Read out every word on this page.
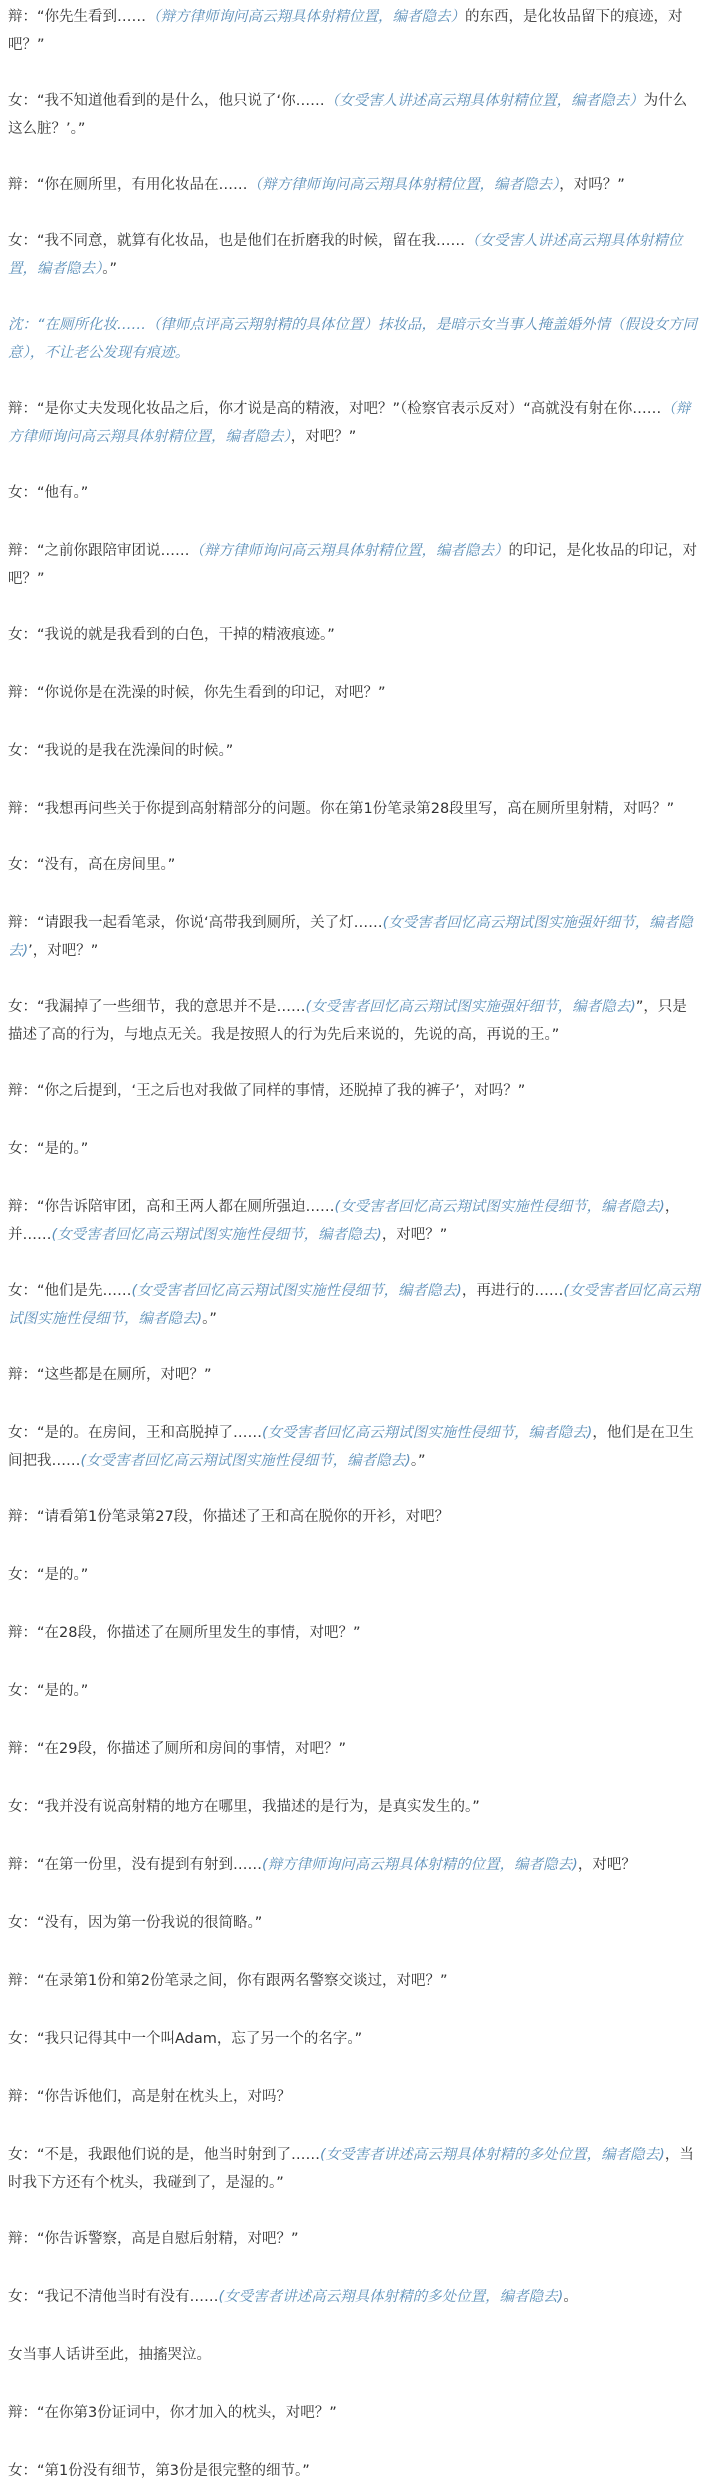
辩：“你先生看到……（辩方律师询问高云翔具体射精位置，编者隐去）的东西，是化妆品留下的痕迹，对吧？”

女：“我不知道他看到的是什么，他只说了‘你……（女受害人讲述高云翔具体射精位置，编者隐去）为什么这么脏？’。”

辩：“你在厕所里，有用化妆品在……（辩方律师询问高云翔具体射精位置，编者隐去），对吗？”

女：“我不同意，就算有化妆品，也是他们在折磨我的时候，留在我……（女受害人讲述高云翔具体射精位置，编者隐去）。”

沈：“在厕所化妆……（律师点评高云翔射精的具体位置）抹妆品，是暗示女当事人掩盖婚外情（假设女方同意），不让老公发现有痕迹。

辩：“是你丈夫发现化妆品之后，你才说是高的精液，对吧？”（检察官表示反对）“高就没有射在你……（辩方律师询问高云翔具体射精位置，编者隐去），对吧？”

女：“他有。”

辩：“之前你跟陪审团说……（辩方律师询问高云翔具体射精位置，编者隐去）的印记，是化妆品的印记，对吧？”

女：“我说的就是我看到的白色，干掉的精液痕迹。”

辩：“你说你是在洗澡的时候，你先生看到的印记，对吧？”

女：“我说的是我在洗澡间的时候。”

辩：“我想再问些关于你提到高射精部分的问题。你在第1份笔录第28段里写，高在厕所里射精，对吗？”

女：“没有，高在房间里。”

辩：“请跟我一起看笔录，你说‘高带我到厕所，关了灯……(女受害者回忆高云翔试图实施强奸细节，编者隐去)’，对吧？”

女：“我漏掉了一些细节，我的意思并不是……(女受害者回忆高云翔试图实施强奸细节，编者隐去)”，只是描述了高的行为，与地点无关。我是按照人的行为先后来说的，先说的高，再说的王。”

辩：“你之后提到，‘王之后也对我做了同样的事情，还脱掉了我的裤子’，对吗？”

女：“是的。”

辩：“你告诉陪审团，高和王两人都在厕所强迫……(女受害者回忆高云翔试图实施性侵细节，编者隐去)，并……(女受害者回忆高云翔试图实施性侵细节，编者隐去)，对吧？”

女：“他们是先……(女受害者回忆高云翔试图实施性侵细节，编者隐去)，再进行的……(女受害者回忆高云翔试图实施性侵细节，编者隐去)。”

辩：“这些都是在厕所，对吧？”

女：“是的。在房间，王和高脱掉了……(女受害者回忆高云翔试图实施性侵细节，编者隐去)，他们是在卫生间把我……(女受害者回忆高云翔试图实施性侵细节，编者隐去)。”

辩：“请看第1份笔录第27段，你描述了王和高在脱你的开衫，对吧？

女：“是的。”

辩：“在28段，你描述了在厕所里发生的事情，对吧？”

女：“是的。”

辩：“在29段，你描述了厕所和房间的事情，对吧？”

女：“我并没有说高射精的地方在哪里，我描述的是行为，是真实发生的。”

辩：“在第一份里，没有提到有射到……(辩方律师询问高云翔具体射精的位置，编者隐去)，对吧？

女：“没有，因为第一份我说的很简略。”

辩：“在录第1份和第2份笔录之间，你有跟两名警察交谈过，对吧？”

女：“我只记得其中一个叫Adam，忘了另一个的名字。”

辩：“你告诉他们，高是射在枕头上，对吗？

女：“不是，我跟他们说的是，他当时射到了……(女受害者讲述高云翔具体射精的多处位置，编者隐去)，当时我下方还有个枕头，我碰到了，是湿的。”

辩：“你告诉警察，高是自慰后射精，对吧？”

女：“我记不清他当时有没有……(女受害者讲述高云翔具体射精的多处位置，编者隐去)。

女当事人话讲至此，抽搐哭泣。

辩：“在你第3份证词中，你才加入的枕头，对吧？”

女：“第1份没有细节，第3份是很完整的细节。”
